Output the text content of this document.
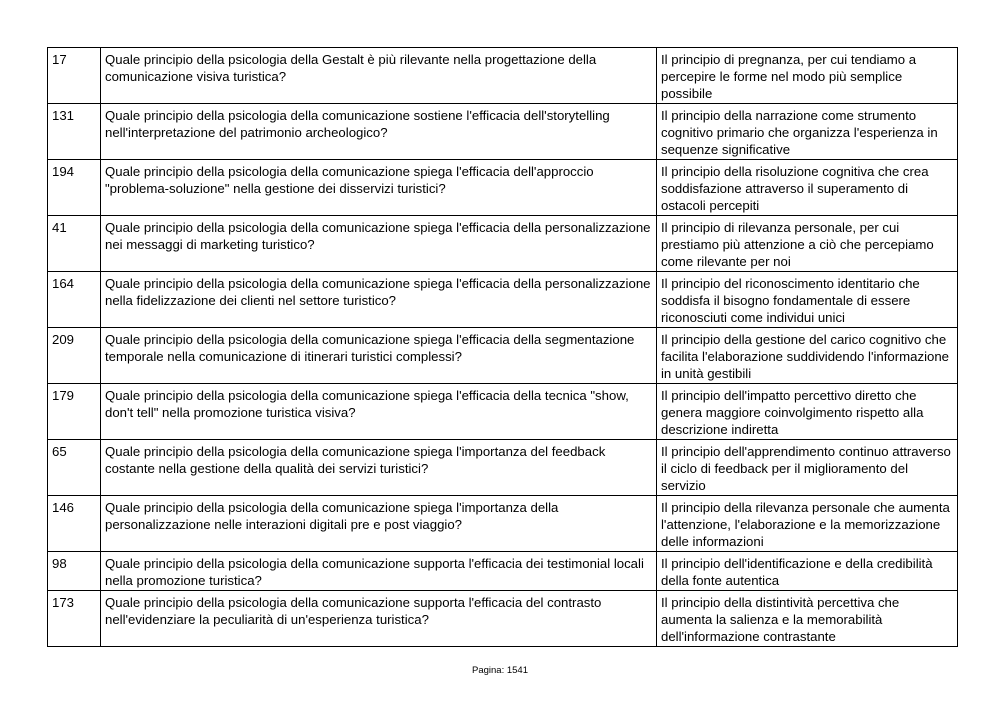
17	Quale principio della psicologia della Gestalt è più rilevante nella progettazione della comunicazione visiva turistica?	Il principio di pregnanza, per cui tendiamo a percepire le forme nel modo più semplice possibile
131	Quale principio della psicologia della comunicazione sostiene l'efficacia dell'storytelling nell'interpretazione del patrimonio archeologico?	Il principio della narrazione come strumento cognitivo primario che organizza l'esperienza in sequenze significative
194	Quale principio della psicologia della comunicazione spiega l'efficacia dell'approccio "problema-soluzione" nella gestione dei disservizi turistici?	Il principio della risoluzione cognitiva che crea soddisfazione attraverso il superamento di ostacoli percepiti
41	Quale principio della psicologia della comunicazione spiega l'efficacia della personalizzazione nei messaggi di marketing turistico?	Il principio di rilevanza personale, per cui prestiamo più attenzione a ciò che percepiamo come rilevante per noi
164	Quale principio della psicologia della comunicazione spiega l'efficacia della personalizzazione nella fidelizzazione dei clienti nel settore turistico?	Il principio del riconoscimento identitario che soddisfa il bisogno fondamentale di essere riconosciuti come individui unici
209	Quale principio della psicologia della comunicazione spiega l'efficacia della segmentazione temporale nella comunicazione di itinerari turistici complessi?	Il principio della gestione del carico cognitivo che facilita l'elaborazione suddividendo l'informazione in unità gestibili
179	Quale principio della psicologia della comunicazione spiega l'efficacia della tecnica "show, don't tell" nella promozione turistica visiva?	Il principio dell'impatto percettivo diretto che genera maggiore coinvolgimento rispetto alla descrizione indiretta
65	Quale principio della psicologia della comunicazione spiega l'importanza del feedback costante nella gestione della qualità dei servizi turistici?	Il principio dell'apprendimento continuo attraverso il ciclo di feedback per il miglioramento del servizio
146	Quale principio della psicologia della comunicazione spiega l'importanza della personalizzazione nelle interazioni digitali pre e post viaggio?	Il principio della rilevanza personale che aumenta l'attenzione, l'elaborazione e la memorizzazione delle informazioni
98	Quale principio della psicologia della comunicazione supporta l'efficacia dei testimonial locali nella promozione turistica?	Il principio dell'identificazione e della credibilità della fonte autentica
173	Quale principio della psicologia della comunicazione supporta l'efficacia del contrasto nell'evidenziare la peculiarità di un'esperienza turistica?	Il principio della distintività percettiva che aumenta la salienza e la memorabilità dell'informazione contrastante
Pagina: 1541
